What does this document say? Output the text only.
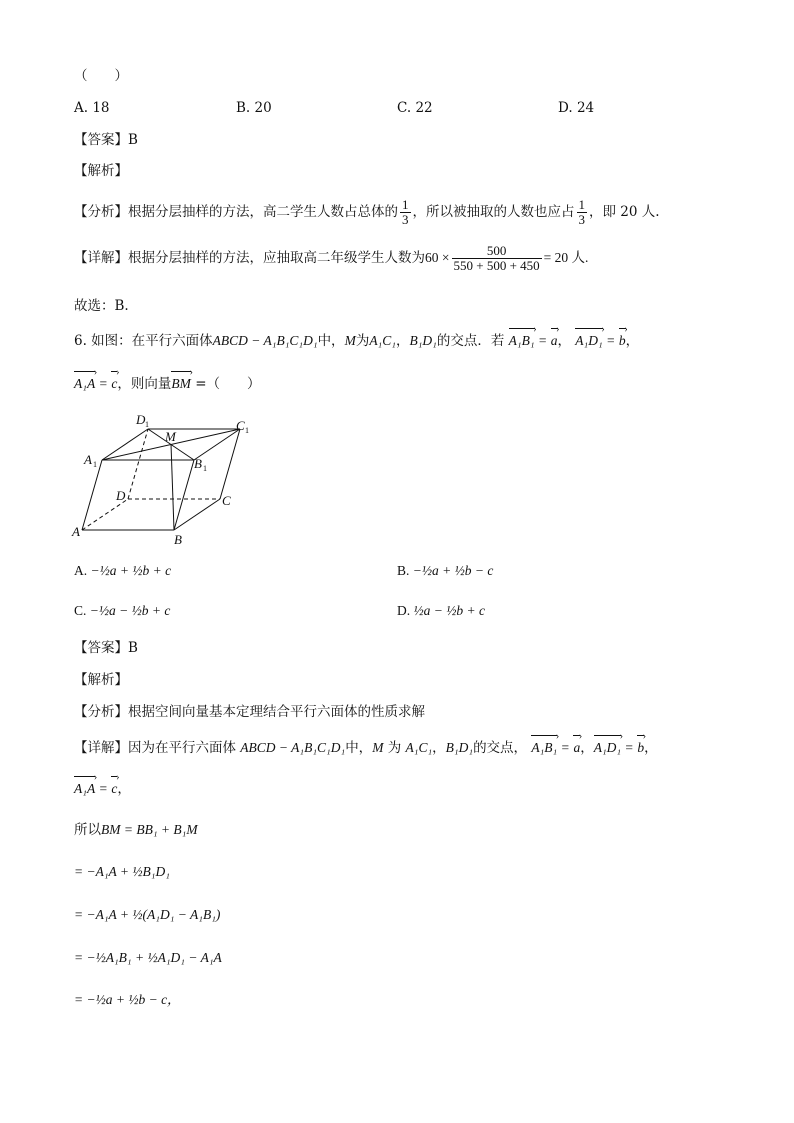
（　　）
A. 18	B. 20	C. 22	D. 24
【答案】B
【解析】
【分析】根据分层抽样的方法，高二学生人数占总体的 $\frac{1}{3}$ ，所以被抽取的人数也应占 $\frac{1}{3}$ ，即 20 人.
【详解】根据分层抽样的方法，应抽取高二年级学生人数为$60 \times \frac{500}{550 + 500 + 450} = 20$ 人.
故选：B.
6. 如图：在平行六面体ABCD − A₁B₁C₁D₁中，M为A₁C₁，B₁D₁的交点．若 A₁B₁ › = a ›， A₁D₁ › = b ›，
A₁A › = c ›，则向量BM › =（　　）
A
B
C
D
A 1	B 1
C 1
D 1
M
A. −½a + ½b + c	B. −½a + ½b − c
C. −½a − ½b + c	D. ½a − ½b + c
【答案】B
【解析】
【分析】根据空间向量基本定理结合平行六面体的性质求解
【详解】因为在平行六面体 ABCD − A₁B₁C₁D₁中，M 为 A₁C₁，B₁D₁的交点， A₁B₁ › = a ›，A₁D₁ › = b ›，
A₁A › = c ›，
所以BM = BB₁ + B₁M
= −A₁A + ½B₁D₁
= −A₁A + ½(A₁D₁ − A₁B₁)
= −½A₁B₁ + ½A₁D₁ − A₁A
= −½a + ½b − c，
